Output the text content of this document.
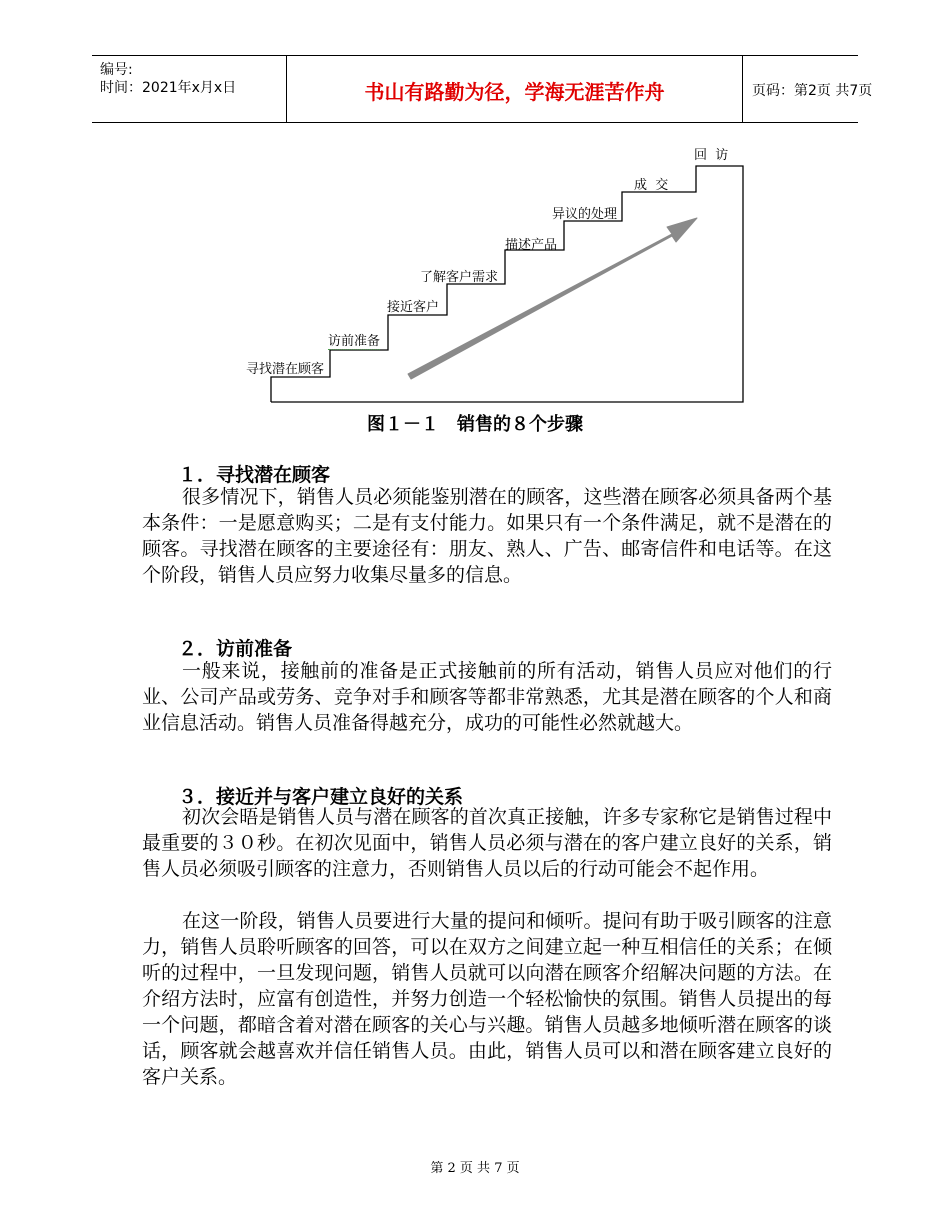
编号:
时间：2021年x月x日	书山有路勤为径，学海无涯苦作舟	页码：第2页 共7页
寻找潜在顾客
访前准备
接近客户
了解客户需求
描述产品
异议的处理
成  交
回  访
图１－１　销售的８个步骤
１．寻找潜在顾客

很多情况下，销售人员必须能鉴别潜在的顾客，这些潜在顾客必须具备两个基本条件：一是愿意购买；二是有支付能力。如果只有一个条件满足，就不是潜在的顾客。寻找潜在顾客的主要途径有：朋友、熟人、广告、邮寄信件和电话等。在这个阶段，销售人员应努力收集尽量多的信息。

２．访前准备

一般来说，接触前的准备是正式接触前的所有活动，销售人员应对他们的行业、公司产品或劳务、竞争对手和顾客等都非常熟悉，尤其是潜在顾客的个人和商业信息活动。销售人员准备得越充分，成功的可能性必然就越大。

３．接近并与客户建立良好的关系

初次会晤是销售人员与潜在顾客的首次真正接触，许多专家称它是销售过程中最重要的３０秒。在初次见面中，销售人员必须与潜在的客户建立良好的关系，销售人员必须吸引顾客的注意力，否则销售人员以后的行动可能会不起作用。

在这一阶段，销售人员要进行大量的提问和倾听。提问有助于吸引顾客的注意力，销售人员聆听顾客的回答，可以在双方之间建立起一种互相信任的关系；在倾听的过程中，一旦发现问题，销售人员就可以向潜在顾客介绍解决问题的方法。在介绍方法时，应富有创造性，并努力创造一个轻松愉快的氛围。销售人员提出的每一个问题，都暗含着对潜在顾客的关心与兴趣。销售人员越多地倾听潜在顾客的谈话，顾客就会越喜欢并信任销售人员。由此，销售人员可以和潜在顾客建立良好的客户关系。

第 2 页 共 7 页
